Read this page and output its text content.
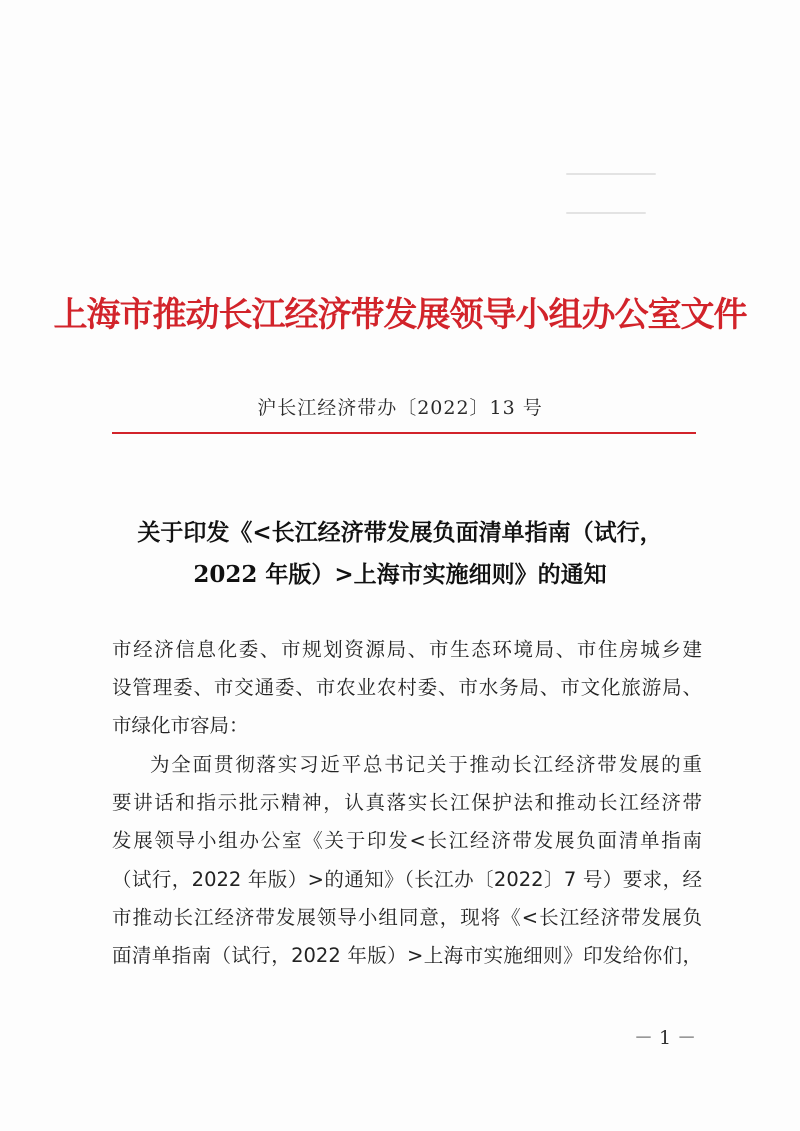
上海市推动长江经济带发展领导小组办公室文件
沪长江经济带办〔2022〕13 号
关于印发《<长江经济带发展负面清单指南（试行，
2022 年版）>上海市实施细则》的通知
市经济信息化委、市规划资源局、市生态环境局、市住房城乡建
设管理委、市交通委、市农业农村委、市水务局、市文化旅游局、
市绿化市容局：
为全面贯彻落实习近平总书记关于推动长江经济带发展的重
要讲话和指示批示精神，认真落实长江保护法和推动长江经济带
发展领导小组办公室《关于印发<长江经济带发展负面清单指南
（试行，2022 年版）>的通知》（长江办〔2022〕7 号）要求，经
市推动长江经济带发展领导小组同意，现将《<长江经济带发展负
面清单指南（试行，2022 年版）>上海市实施细则》印发给你们，
－ 1 －
